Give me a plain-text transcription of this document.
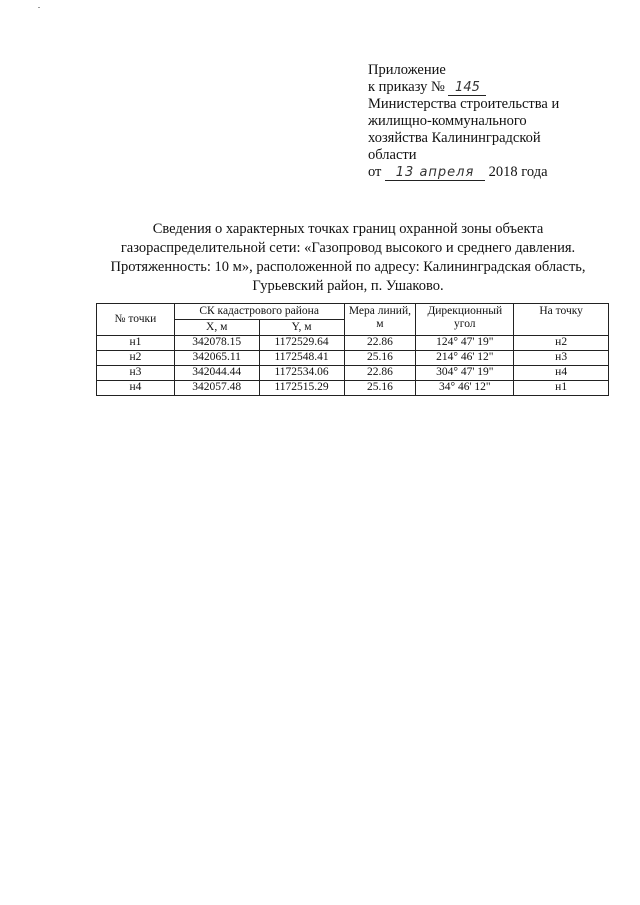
Приложение
к приказу № 145
Министерства строительства и
жилищно-коммунального
хозяйства Калининградской
области
от 13 апреля 2018 года
Сведения о характерных точках границ охранной зоны объекта
газораспределительной сети: «Газопровод высокого и среднего давления.
Протяженность: 10 м», расположенной по адресу: Калининградская область,
Гурьевский район, п. Ушаково.
№ точки	СК кадастрового района		Мера линий, м	Дирекционный угол	На точку
	X, м	Y, м			
н1	342078.15	1172529.64	22.86	124° 47' 19"	н2
н2	342065.11	1172548.41	25.16	214° 46' 12"	н3
н3	342044.44	1172534.06	22.86	304° 47' 19"	н4
н4	342057.48	1172515.29	25.16	34° 46' 12"	н1
